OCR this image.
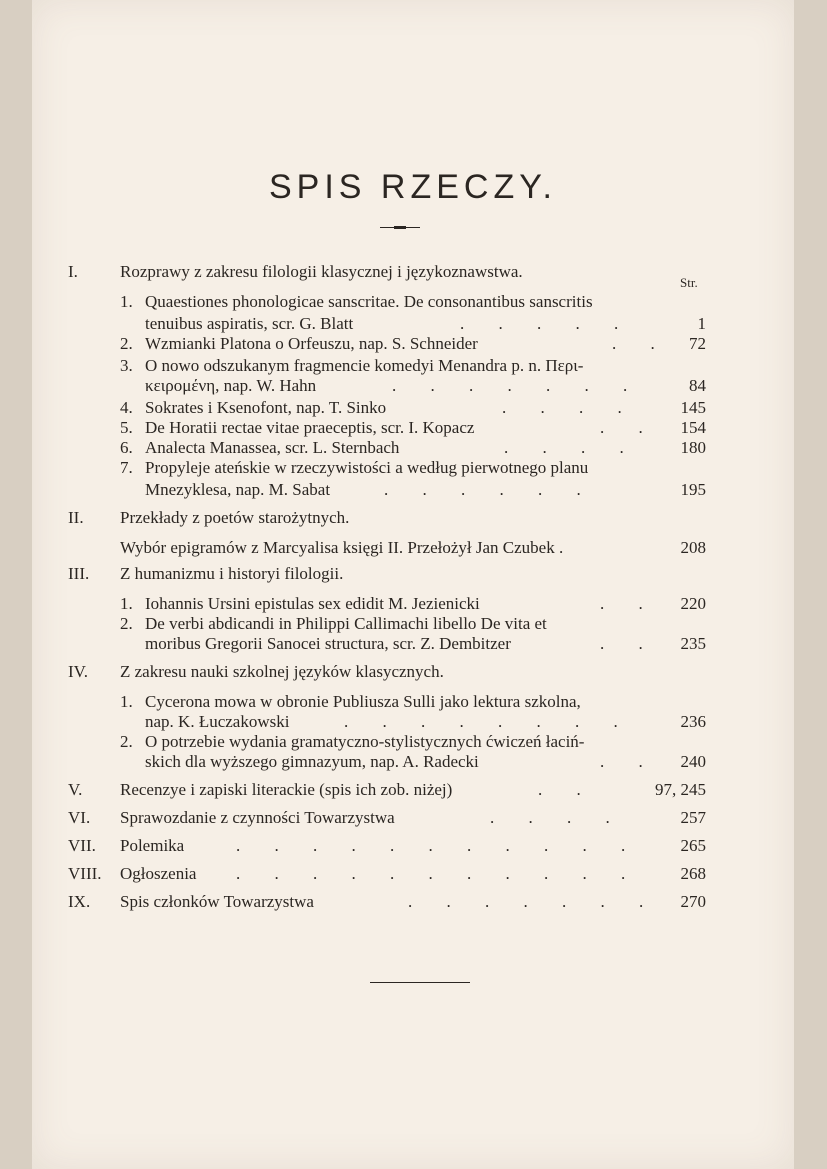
SPIS RZECZY.
Str.
I. Rozprawy z zakresu filologii klasycznej i językoznawstwa.
1. Quaestiones phonologicae sanscritae. De consonantibus sanscritis
tenuibus aspiratis, scr. G. Blatt	. . . . .	1
2. Wzmianki Platona o Orfeuszu, nap. S. Schneider	. .	72
3. O nowo odszukanym fragmencie komedyi Menandra p. n. Περι-
κειρομένη, nap. W. Hahn	. . . . . . .	84
4. Sokrates i Ksenofont, nap. T. Sinko	. . . .	145
5. De Horatii rectae vitae praeceptis, scr. I. Kopacz	. .	154
6. Analecta Manassea, scr. L. Sternbach	. . . .	180
7. Propyleje ateńskie w rzeczywistości a według pierwotnego planu
Mnezyklesa, nap. M. Sabat	. . . . . .	195
II. Przekłady z poetów starożytnych.
Wybór epigramów z Marcyalisa księgi II. Przełożył Jan Czubek .	208
III. Z humanizmu i historyi filologii.
1. Iohannis Ursini epistulas sex edidit M. Jezienicki	. .	220
2. De verbi abdicandi in Philippi Callimachi libello De vita et
moribus Gregorii Sanocei structura, scr. Z. Dembitzer	. .	235
IV. Z zakresu nauki szkolnej języków klasycznych.
1. Cycerona mowa w obronie Publiusza Sulli jako lektura szkolna,
nap. K. Łuczakowski	. . . . . . . .	236
2. O potrzebie wydania gramatyczno-stylistycznych ćwiczeń łaciń-
skich dla wyższego gimnazyum, nap. A. Radecki	. .	240
V. Recenzye i zapiski literackie (spis ich zob. niżej)	. .	97, 245
VI. Sprawozdanie z czynności Towarzystwa	. . . .	257
VII. Polemika	. . . . . . . . . . .	265
VIII. Ogłoszenia . . . . . . . . . . .	268
IX. Spis członków Towarzystwa	. . . . . . .	270
